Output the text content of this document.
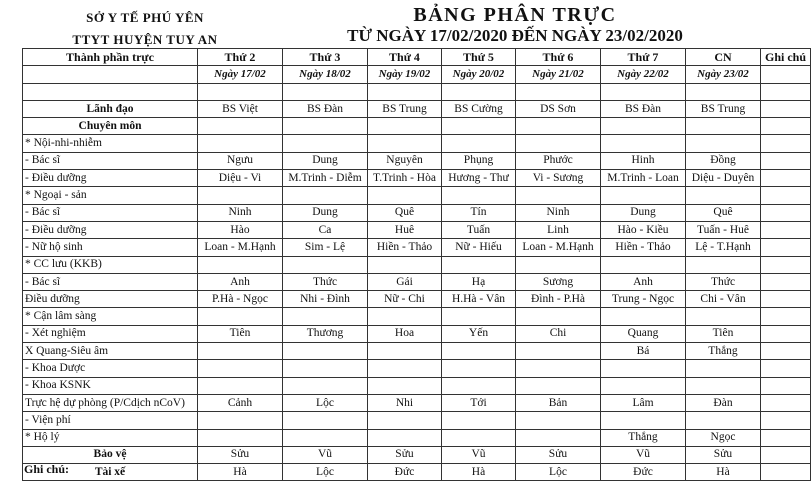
SỞ Y TẾ PHÚ YÊN
TTYT HUYỆN TUY AN
BẢNG PHÂN TRỰC
TỪ NGÀY 17/02/2020 ĐẾN NGÀY 23/02/2020
Thành phần trực	Thứ 2	Thứ 3	Thứ 4	Thứ 5	Thứ 6	Thứ 7	CN	Ghi chú
	Ngày 17/02	Ngày 18/02	Ngày 19/02	Ngày 20/02	Ngày 21/02	Ngày 22/02	Ngày 23/02	

Lãnh đạo	BS Việt	BS Đàn	BS Trung	BS Cường	DS Sơn	BS Đàn	BS Trung	
Chuyên môn								
* Nội-nhi-nhiễm								
- Bác sĩ	Ngưu	Dung	Nguyên	Phụng	Phước	Hinh	Đồng	
- Điều dưỡng	Diệu - Vi	M.Trinh - Diễm	T.Trinh - Hòa	Hương - Thư	Vi - Sương	M.Trinh - Loan	Diệu - Duyên	
* Ngoại - sản								
- Bác sĩ	Ninh	Dung	Quê	Tín	Ninh	Dung	Quê	
- Điều dưỡng	Hào	Ca	Huê	Tuấn	Linh	Hào - Kiều	Tuấn - Huê	
- Nữ hộ sinh	Loan - M.Hạnh	Sim - Lệ	Hiền - Thảo	Nữ - Hiếu	Loan - M.Hạnh	Hiền - Thảo	Lệ - T.Hạnh	
* CC lưu (KKB)								
- Bác sĩ	Anh	Thức	Gái	Hạ	Sương	Anh	Thức	
Điều dưỡng	P.Hà - Ngọc	Nhi - Đình	Nữ - Chi	H.Hà - Vân	Đình - P.Hà	Trung - Ngọc	Chi - Vân	
* Cận lâm sàng								
- Xét nghiệm	Tiên	Thương	Hoa	Yến	Chi	Quang	Tiên	
X Quang-Siêu âm						Bá	Thắng	
- Khoa Dược								
- Khoa KSNK								
Trực hệ dự phòng (P/Cdịch nCoV)	Cảnh	Lộc	Nhi	Tới	Bản	Lâm	Đàn	
- Viện phí								
* Hộ lý						Thắng	Ngọc	
Bảo vệ	Sửu	Vũ	Sửu	Vũ	Sửu	Vũ	Sửu	
Tài xế	Hà	Lộc	Đức	Hà	Lộc	Đức	Hà	
Ghi chú:
